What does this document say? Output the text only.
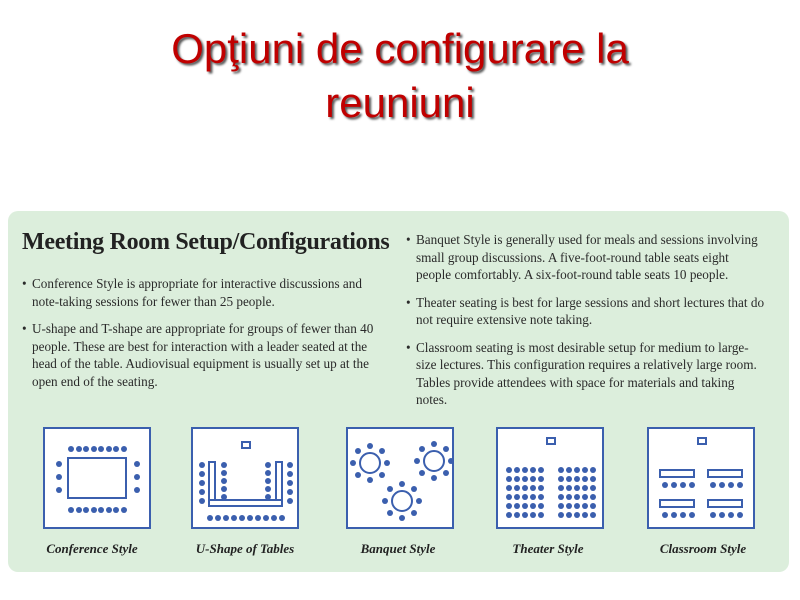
Opţiuni de configurare la
reuniuni
Meeting Room Setup/Configurations
• Conference Style is appropriate for interactive discussions and note-taking sessions for fewer than 25 people.
• U-shape and T-shape are appropriate for groups of fewer than 40 people. These are best for interaction with a leader seated at the head of the table. Audiovisual equipment is usually set up at the open end of the seating.
• Banquet Style is generally used for meals and sessions involving small group discussions. A five-foot-round table seats eight people comfortably. A six-foot-round table seats 10 people.
• Theater seating is best for large sessions and short lectures that do not require extensive note taking.
• Classroom seating is most desirable setup for medium to large-size lectures. This configuration requires a relatively large room. Tables provide attendees with space for materials and taking notes.

Conference Style	U-Shape of Tables	Banquet Style	Theater Style	Classroom Style
